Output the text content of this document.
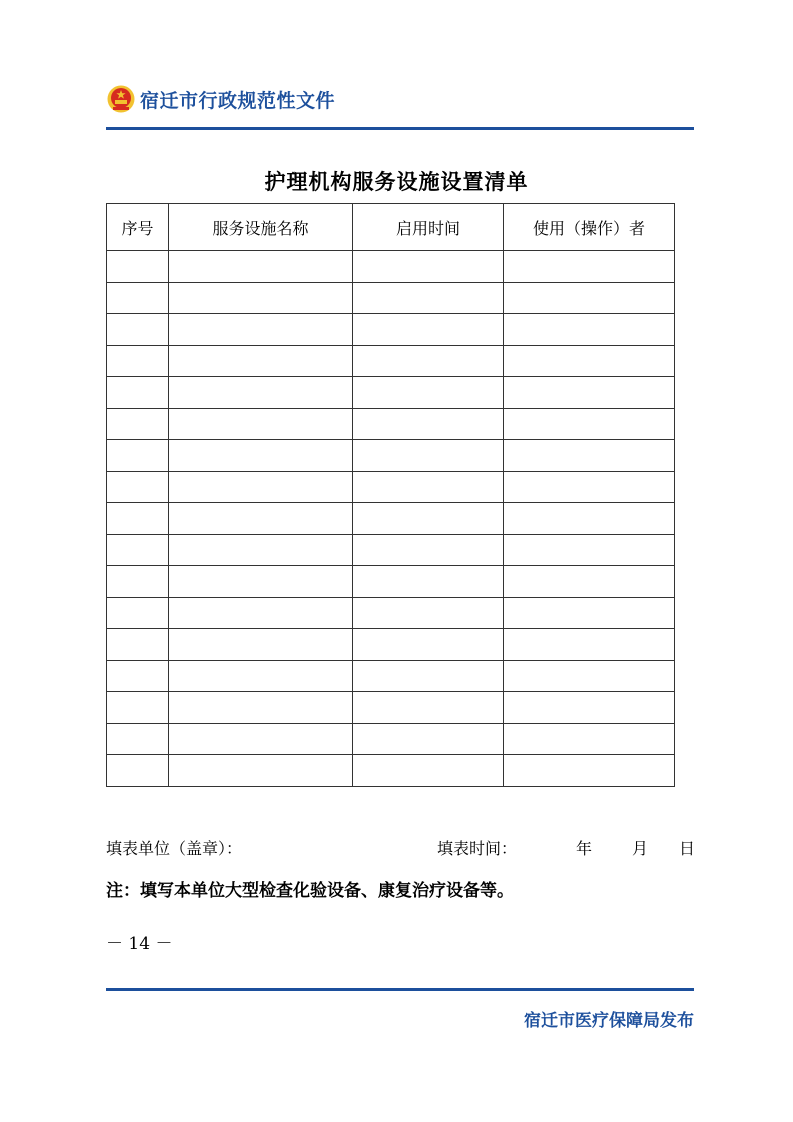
宿迁市行政规范性文件
护理机构服务设施设置清单
序号	服务设施名称	启用时间	使用（操作）者

填表单位（盖章）：	填表时间：	年 月 日
注：填写本单位大型检查化验设备、康复治疗设备等。
－ 14 －
宿迁市医疗保障局发布
